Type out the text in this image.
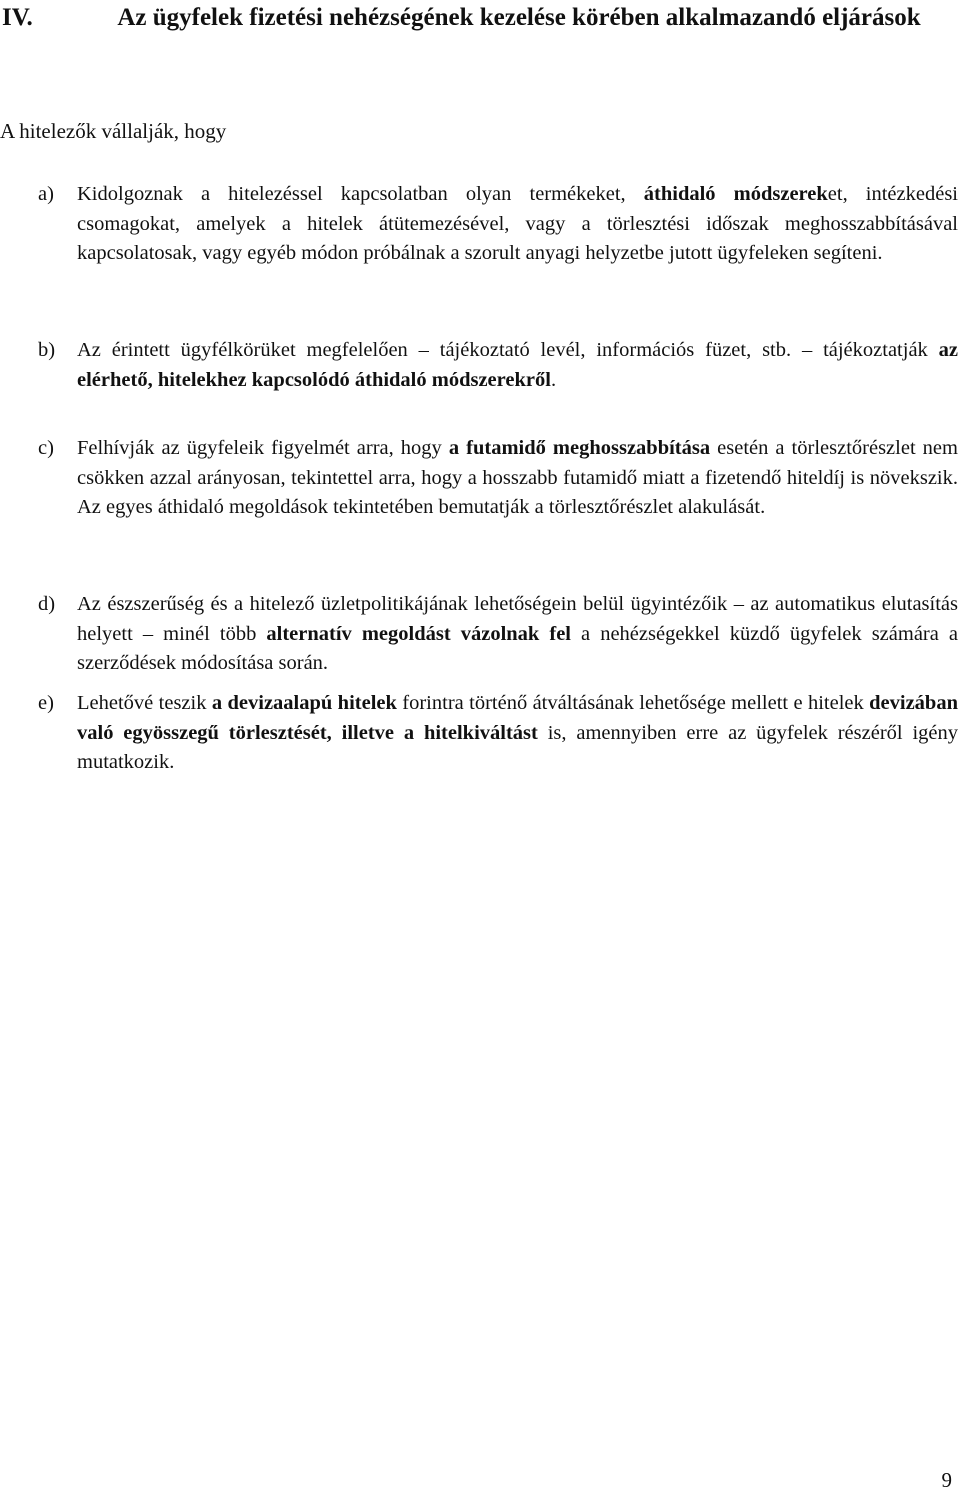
IV.	Az ügyfelek fizetési nehézségének kezelése körében alkalmazandó eljárások
A hitelezők vállalják, hogy
a) Kidolgoznak a hitelezéssel kapcsolatban olyan termékeket, áthidaló módszereket, intézkedési csomagokat, amelyek a hitelek átütemezésével, vagy a törlesztési időszak meghosszabbításával kapcsolatosak, vagy egyéb módon próbálnak a szorult anyagi helyzetbe jutott ügyfeleken segíteni.
b) Az érintett ügyfélkörüket megfelelően – tájékoztató levél, információs füzet, stb. – tájékoztatják az elérhető, hitelekhez kapcsolódó áthidaló módszerekről.
c) Felhívják az ügyfeleik figyelmét arra, hogy a futamidő meghosszabbítása esetén a törlesztőrészlet nem csökken azzal arányosan, tekintettel arra, hogy a hosszabb futamidő miatt a fizetendő hiteldíj is növekszik. Az egyes áthidaló megoldások tekintetében bemutatják a törlesztőrészlet alakulását.
d) Az észszerűség és a hitelező üzletpolitikájának lehetőségein belül ügyintézőik – az automatikus elutasítás helyett – minél több alternatív megoldást vázolnak fel a nehézségekkel küzdő ügyfelek számára a szerződések módosítása során.
e) Lehetővé teszik a devizaalapú hitelek forintra történő átváltásának lehetősége mellett e hitelek devizában való egyösszegű törlesztését, illetve a hitelkiváltást is, amennyiben erre az ügyfelek részéről igény mutatkozik.
9
